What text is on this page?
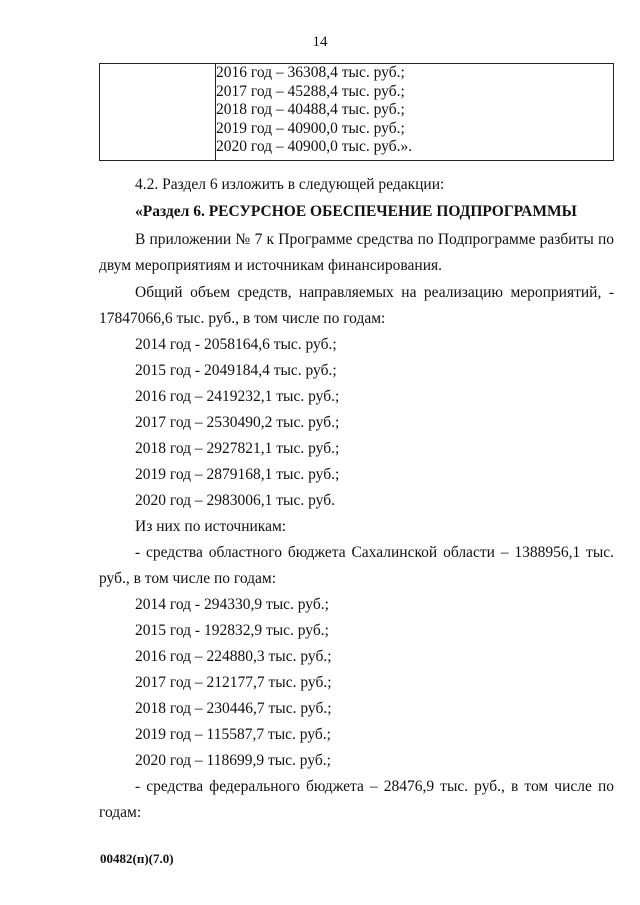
14

2016 год – 36308,4 тыс. руб.;
2017 год – 45288,4 тыс. руб.;
2018 год – 40488,4 тыс. руб.;
2019 год – 40900,0 тыс. руб.;
2020 год – 40900,0 тыс. руб.».
4.2. Раздел 6 изложить в следующей редакции:
«Раздел 6. РЕСУРСНОЕ ОБЕСПЕЧЕНИЕ ПОДПРОГРАММЫ
В приложении № 7 к Программе средства по Подпрограмме разбиты по
двум мероприятиям и источникам финансирования.
Общий объем средств, направляемых на реализацию мероприятий, -
17847066,6 тыс. руб., в том числе по годам:
2014 год - 2058164,6 тыс. руб.;
2015 год - 2049184,4 тыс. руб.;
2016 год – 2419232,1 тыс. руб.;
2017 год – 2530490,2 тыс. руб.;
2018 год – 2927821,1 тыс. руб.;
2019 год – 2879168,1 тыс. руб.;
2020 год – 2983006,1 тыс. руб.
Из них по источникам:
- средства областного бюджета Сахалинской области – 1388956,1 тыс.
руб., в том числе по годам:
2014 год - 294330,9 тыс. руб.;
2015 год - 192832,9 тыс. руб.;
2016 год – 224880,3 тыс. руб.;
2017 год – 212177,7 тыс. руб.;
2018 год – 230446,7 тыс. руб.;
2019 год – 115587,7 тыс. руб.;
2020 год – 118699,9 тыс. руб.;
- средства федерального бюджета – 28476,9 тыс. руб., в том числе по
годам:
00482(п)(7.0)
